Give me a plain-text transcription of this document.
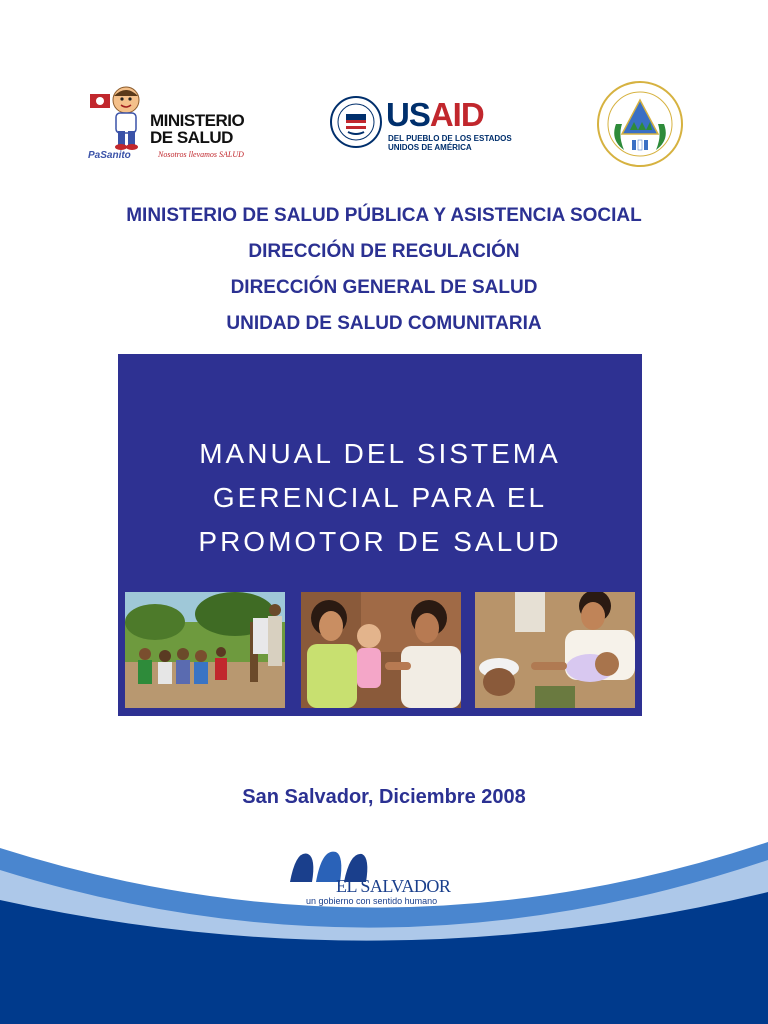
MINISTERIO
DE SALUD
PaSanito	Nosotros llevamos SALUD
USAID
DEL PUEBLO DE LOS ESTADOS UNIDOS DE AMÉRICA
MINISTERIO DE SALUD PÚBLICA Y ASISTENCIA SOCIAL
DIRECCIÓN DE REGULACIÓN
DIRECCIÓN GENERAL DE SALUD
UNIDAD DE SALUD COMUNITARIA
MANUAL DEL SISTEMA
GERENCIAL PARA EL
PROMOTOR DE SALUD
San Salvador, Diciembre 2008
EL SALVADOR
un gobierno con sentido humano
